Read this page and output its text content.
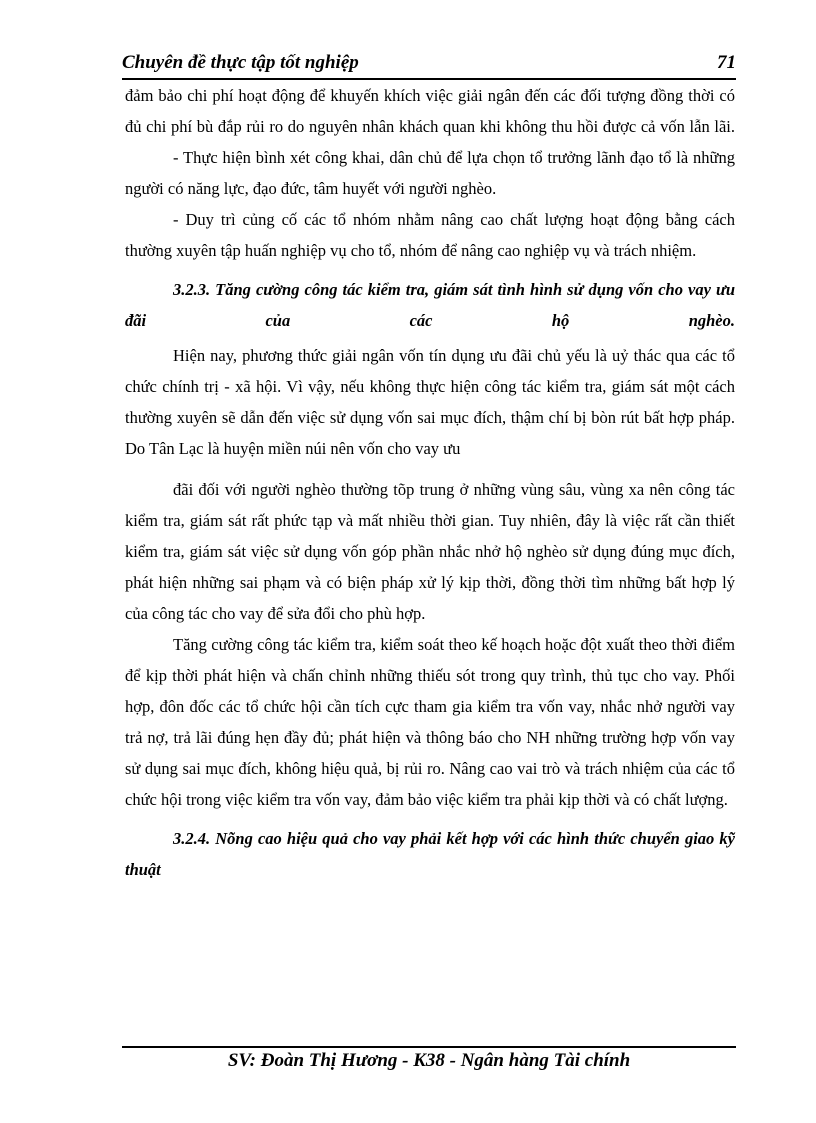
Chuyên đề thực tập tốt nghiệp	71

đảm bảo chi phí hoạt động để khuyến khích việc giải ngân đến các đối tượng đồng thời có đủ chi phí bù đắp rủi ro do nguyên nhân khách quan khi không thu hồi được cả vốn lẫn lãi.

- Thực hiện bình xét công khai, dân chủ để lựa chọn tổ trưởng lãnh đạo tổ là những người có năng lực, đạo đức, tâm huyết với người nghèo.

- Duy trì củng cố các tổ nhóm nhằm nâng cao chất lượng hoạt động bằng cách thường xuyên tập huấn nghiệp vụ cho tổ, nhóm để nâng cao nghiệp vụ và trách nhiệm.

3.2.3. Tăng cường công tác kiểm tra, giám sát tình hình sử dụng vốn cho vay ưu đãi của các hộ nghèo.

Hiện nay, phương thức giải ngân vốn tín dụng ưu đãi chủ yếu là uỷ thác qua các tổ chức chính trị - xã hội. Vì vậy, nếu không thực hiện công tác kiểm tra, giám sát một cách thường xuyên sẽ dẫn đến việc sử dụng vốn sai mục đích, thậm chí bị bòn rút bất hợp pháp. Do Tân Lạc là huyện miền núi nên vốn cho vay ưu

đãi đối với người nghèo thường tõp trung ở những vùng sâu, vùng xa nên công tác kiểm tra, giám sát rất phức tạp và mất nhiều thời gian. Tuy nhiên, đây là việc rất cần thiết kiểm tra, giám sát việc sử dụng vốn góp phần nhắc nhở hộ nghèo sử dụng đúng mục đích, phát hiện những sai phạm và có biện pháp xử lý kịp thời, đồng thời tìm những bất hợp lý của công tác cho vay để sửa đổi cho phù hợp.

Tăng cường công tác kiểm tra, kiểm soát theo kế hoạch hoặc đột xuất theo thời điểm để kịp thời phát hiện và chấn chỉnh những thiếu sót trong quy trình, thủ tục cho vay. Phối hợp, đôn đốc các tổ chức hội cần tích cực tham gia kiểm tra vốn vay, nhắc nhở người vay trả nợ, trả lãi đúng hẹn đầy đủ; phát hiện và thông báo cho NH những trường hợp vốn vay sử dụng sai mục đích, không hiệu quả, bị rủi ro. Nâng cao vai trò và trách nhiệm của các tổ chức hội trong việc kiểm tra vốn vay, đảm bảo việc kiểm tra phải kịp thời và có chất lượng.

3.2.4. Nõng cao hiệu quả cho vay phải kết hợp với các hình thức chuyển giao kỹ thuật

SV: Đoàn Thị Hương - K38 - Ngân hàng Tài chính
